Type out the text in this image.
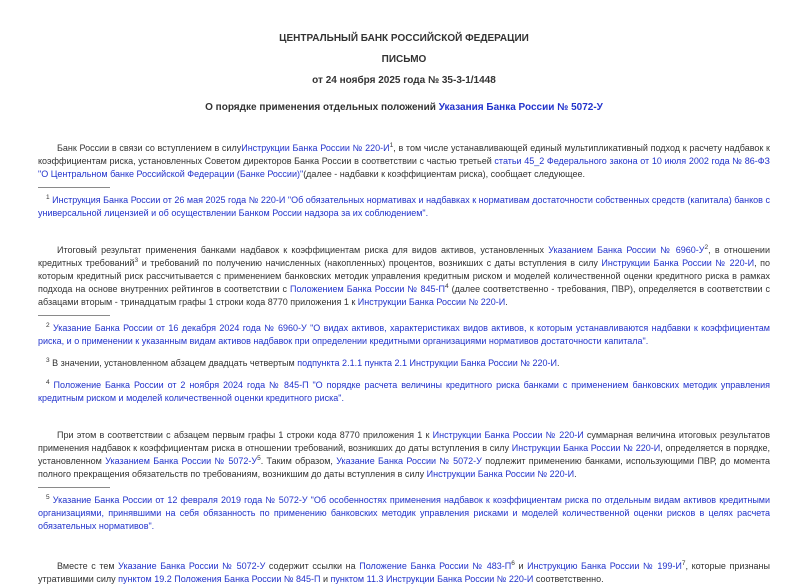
ЦЕНТРАЛЬНЫЙ БАНК РОССИЙСКОЙ ФЕДЕРАЦИИ
ПИСЬМО
от 24 ноября 2025 года № 35-3-1/1448
О порядке применения отдельных положений Указания Банка России № 5072-У
Банк России в связи со вступлением в силуИнструкции Банка России № $220-И^1$, в том числе устанавливающей единый мультипликативный подход к расчету надбавок к коэффициентам риска, установленных Советом директоров Банка России в соответствии с частью третьей статьи 45_2 Федерального закона от 10 июля 2002 года № 86-ФЗ "О Центральном банке Российской Федерации (Банке России)"(далее - надбавки к коэффициентам риска), сообщает следующее.
$^1$ Инструкция Банка России от 26 мая 2025 года № 220-И "Об обязательных нормативах и надбавках к нормативам достаточности собственных средств (капитала) банков с универсальной лицензией и об осуществлении Банком России надзора за их соблюдением".
Итоговый результат применения банками надбавок к коэффициентам риска для видов активов, установленных Указанием Банка России № $6960-У^2$, в отношении кредитных требований$^3$ и требований по получению начисленных (накопленных) процентов, возникших с даты вступления в силу Инструкции Банка России № 220-И, по которым кредитный риск рассчитывается с применением банковских методик управления кредитным риском и моделей количественной оценки кредитного риска в рамках подхода на основе внутренних рейтингов в соответствии с Положением Банка России № $845-П^4$ (далее соответственно - требования, ПВР), определяется в соответствии с абзацами вторым - тринадцатым графы 1 строки кода 8770 приложения 1 к Инструкции Банка России № 220-И.
$^2$ Указание Банка России от 16 декабря 2024 года № 6960-У "О видах активов, характеристиках видов активов, к которым устанавливаются надбавки к коэффициентам риска, и о применении к указанным видам активов надбавок при определении кредитными организациями нормативов достаточности капитала".
$^3$ В значении, установленном абзацем двадцать четвертым подпункта 2.1.1 пункта 2.1 Инструкции Банка России № 220-И.
$^4$ Положение Банка России от 2 ноября 2024 года № 845-П "О порядке расчета величины кредитного риска банками с применением банковских методик управления кредитным риском и моделей количественной оценки кредитного риска".
При этом в соответствии с абзацем первым графы 1 строки кода 8770 приложения 1 к Инструкции Банка России № 220-И суммарная величина итоговых результатов применения надбавок к коэффициентам риска в отношении требований, возникших до даты вступления в силу Инструкции Банка России № 220-И, определяется в порядке, установленном Указанием Банка России № $5072-У^5$. Таким образом, Указание Банка России № 5072-У подлежит применению банками, использующими ПВР, до момента полного прекращения обязательств по требованиям, возникшим до даты вступления в силу Инструкции Банка России № 220-И.
$^5$ Указание Банка России от 12 февраля 2019 года № 5072-У "Об особенностях применения надбавок к коэффициентам риска по отдельным видам активов кредитными организациями, принявшими на себя обязанность по применению банковских методик управления рисками и моделей количественной оценки рисков в целях расчета обязательных нормативов".
Вместе с тем Указание Банка России № 5072-У содержит ссылки на Положение Банка России № $483-П^6$ и Инструкцию Банка России № $199-И^7$, которые признаны утратившими силу пунктом 19.2 Положения Банка России № 845-П и пунктом 11.3 Инструкции Банка России № 220-И соответственно.
